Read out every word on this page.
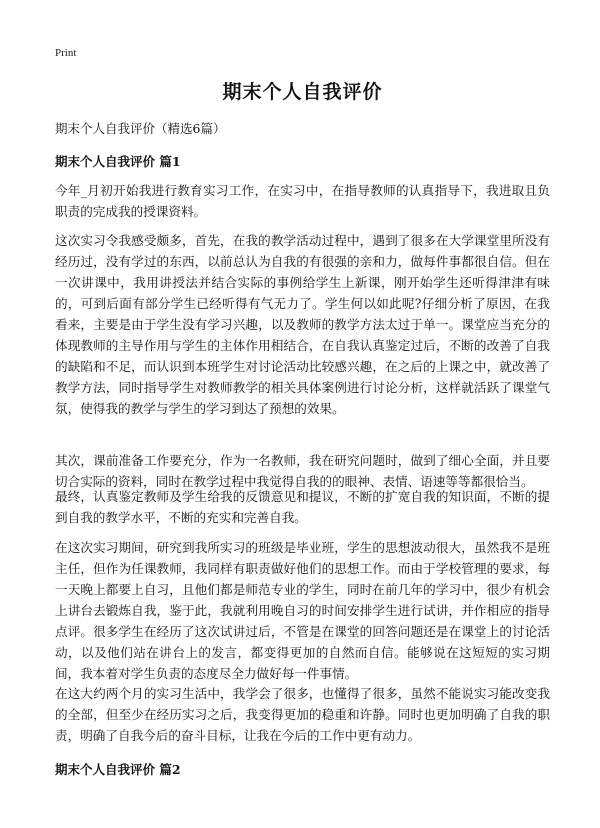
Print
期末个人自我评价
期末个人自我评价（精选6篇）
期末个人自我评价 篇1

今年_月初开始我进行教育实习工作，在实习中，在指导教师的认真指导下，我进取且负职责的完成我的授课资料。

这次实习令我感受颇多，首先，在我的教学活动过程中，遇到了很多在大学课堂里所没有经历过，没有学过的东西，以前总认为自我的有很强的亲和力，做每件事都很自信。但在一次讲课中，我用讲授法并结合实际的事例给学生上新课，刚开始学生还听得津津有味的，可到后面有部分学生已经听得有气无力了。学生何以如此呢?仔细分析了原因，在我看来，主要是由于学生没有学习兴趣，以及教师的教学方法太过于单一。课堂应当充分的体现教师的主导作用与学生的主体作用相结合，在自我认真鉴定过后，不断的改善了自我的缺陷和不足，而认识到本班学生对讨论活动比较感兴趣，在之后的上课之中，就改善了教学方法，同时指导学生对教师教学的相关具体案例进行讨论分析，这样就活跃了课堂气氛，使得我的教学与学生的学习到达了预想的效果。

其次，课前准备工作要充分，作为一名教师，我在研究问题时，做到了细心全面，并且要切合实际的资料，同时在教学过程中我觉得自我的的眼神、表情、语速等等都很恰当。

最终，认真鉴定教师及学生给我的反馈意见和提议，不断的扩宽自我的知识面，不断的提到自我的教学水平，不断的充实和完善自我。

在这次实习期间，研究到我所实习的班级是毕业班，学生的思想波动很大，虽然我不是班主任，但作为任课教师，我同样有职责做好他们的思想工作。而由于学校管理的要求，每一天晚上都要上自习，且他们都是师范专业的学生，同时在前几年的学习中，很少有机会上讲台去锻炼自我，鉴于此，我就利用晚自习的时间安排学生进行试讲，并作相应的指导点评。很多学生在经历了这次试讲过后，不管是在课堂的回答问题还是在课堂上的讨论活动，以及他们站在讲台上的发言，都变得更加的自然而自信。能够说在这短短的实习期间，我本着对学生负责的态度尽全力做好每一件事情。

在这大约两个月的实习生活中，我学会了很多，也懂得了很多，虽然不能说实习能改变我的全部，但至少在经历实习之后，我变得更加的稳重和许静。同时也更加明确了自我的职责，明确了自我今后的奋斗目标，让我在今后的工作中更有动力。

期末个人自我评价 篇2
